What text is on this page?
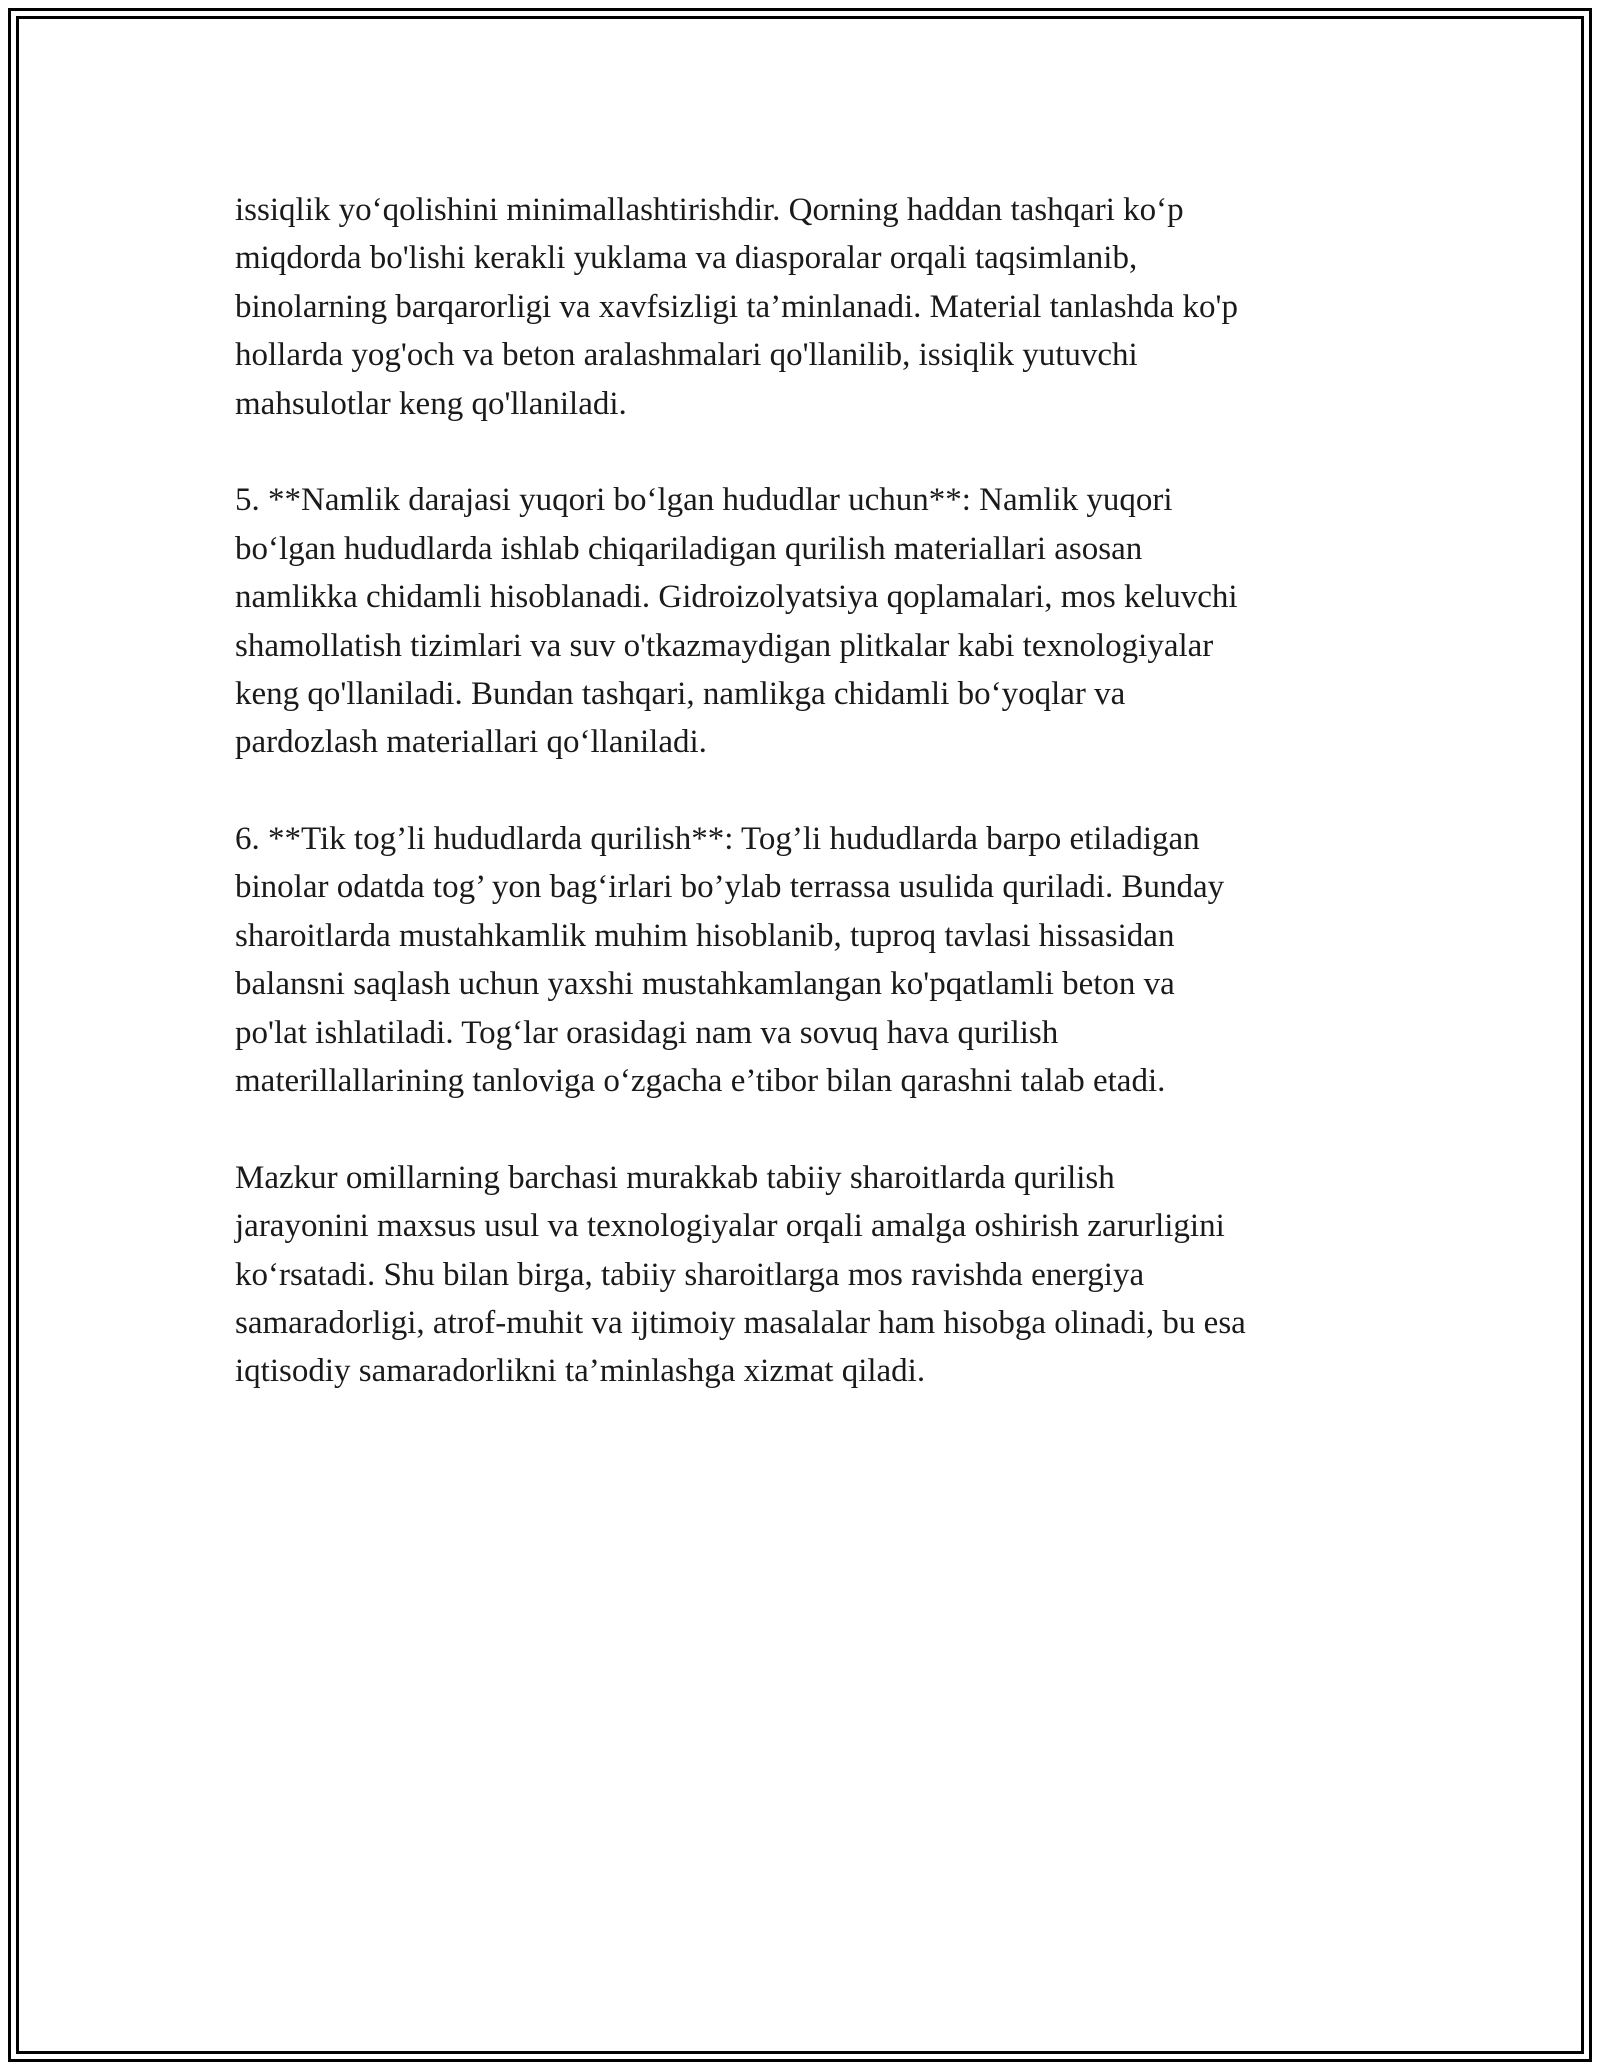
issiqlik yo‘qolishini minimallashtirishdir. Qorning haddan tashqari ko‘p
miqdorda bo'lishi kerakli yuklama va diasporalar orqali taqsimlanib,
binolarning barqarorligi va xavfsizligi ta’minlanadi. Material tanlashda ko'p
hollarda yog'och va beton aralashmalari qo'llanilib, issiqlik yutuvchi
mahsulotlar keng qo'llaniladi.
5. **Namlik darajasi yuqori bo‘lgan hududlar uchun**: Namlik yuqori
bo‘lgan hududlarda ishlab chiqariladigan qurilish materiallari asosan
namlikka chidamli hisoblanadi. Gidroizolyatsiya qoplamalari, mos keluvchi
shamollatish tizimlari va suv o'tkazmaydigan plitkalar kabi texnologiyalar
keng qo'llaniladi. Bundan tashqari, namlikga chidamli bo‘yoqlar va
pardozlash materiallari qo‘llaniladi.
6. **Tik tog’li hududlarda qurilish**: Tog’li hududlarda barpo etiladigan
binolar odatda tog’ yon bag‘irlari bo’ylab terrassa usulida quriladi. Bunday
sharoitlarda mustahkamlik muhim hisoblanib, tuproq tavlasi hissasidan
balansni saqlash uchun yaxshi mustahkamlangan ko'pqatlamli beton va
po'lat ishlatiladi. Tog‘lar orasidagi nam va sovuq hava qurilish
materillallarining tanloviga o‘zgacha e’tibor bilan qarashni talab etadi.
Mazkur omillarning barchasi murakkab tabiiy sharoitlarda qurilish
jarayonini maxsus usul va texnologiyalar orqali amalga oshirish zarurligini
ko‘rsatadi. Shu bilan birga, tabiiy sharoitlarga mos ravishda energiya
samaradorligi, atrof-muhit va ijtimoiy masalalar ham hisobga olinadi, bu esa
iqtisodiy samaradorlikni ta’minlashga xizmat qiladi.
